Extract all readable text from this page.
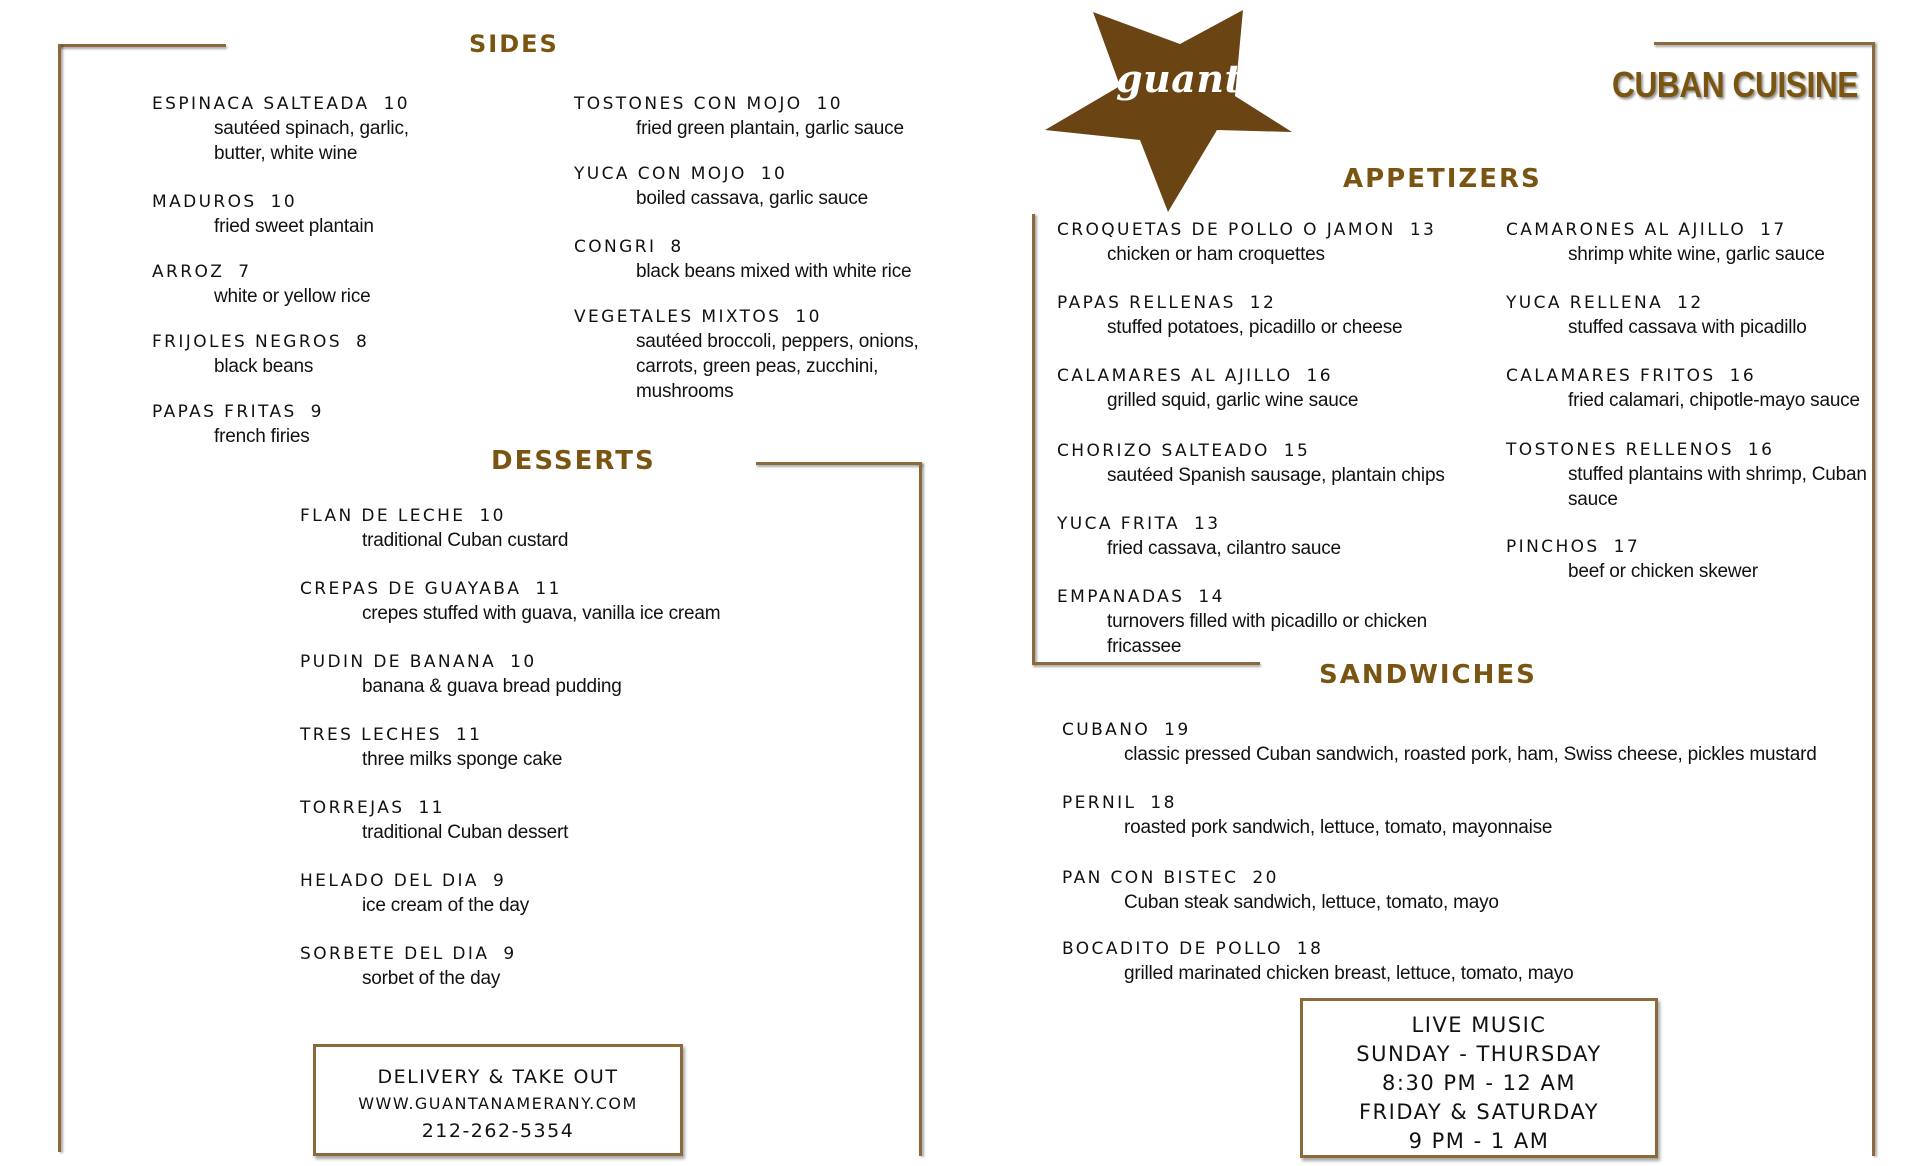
guantanamera	CUBAN CUISINE
SIDES
ESPINACA SALTEADA 10
sautéed spinach, garlic,
butter, white wine
MADUROS 10
fried sweet plantain
ARROZ 7
white or yellow rice
FRIJOLES NEGROS 8
black beans
PAPAS FRITAS 9
french firies
TOSTONES CON MOJO 10
fried green plantain, garlic sauce
YUCA CON MOJO 10
boiled cassava, garlic sauce
CONGRI 8
black beans mixed with white rice
VEGETALES MIXTOS 10
sautéed broccoli, peppers, onions,
carrots, green peas, zucchini,
mushrooms
DESSERTS
FLAN DE LECHE 10
traditional Cuban custard
CREPAS DE GUAYABA 11
crepes stuffed with guava, vanilla ice cream
PUDIN DE BANANA 10
banana & guava bread pudding
TRES LECHES 11
three milks sponge cake
TORREJAS 11
traditional Cuban dessert
HELADO DEL DIA 9
ice cream of the day
SORBETE DEL DIA 9
sorbet of the day
DELIVERY & TAKE OUT
WWW.GUANTANAMERANY.COM
212-262-5354
APPETIZERS
CROQUETAS DE POLLO O JAMON 13
chicken or ham croquettes
PAPAS RELLENAS 12
stuffed potatoes, picadillo or cheese
CALAMARES AL AJILLO 16
grilled squid, garlic wine sauce
CHORIZO SALTEADO 15
sautéed Spanish sausage, plantain chips
YUCA FRITA 13
fried cassava, cilantro sauce
EMPANADAS 14
turnovers filled with picadillo or chicken
fricassee
CAMARONES AL AJILLO 17
shrimp white wine, garlic sauce
YUCA RELLENA 12
stuffed cassava with picadillo
CALAMARES FRITOS 16
fried calamari, chipotle-mayo sauce
TOSTONES RELLENOS 16
stuffed plantains with shrimp, Cuban
sauce
PINCHOS 17
beef or chicken skewer
SANDWICHES
CUBANO 19
classic pressed Cuban sandwich, roasted pork, ham, Swiss cheese, pickles mustard
PERNIL 18
roasted pork sandwich, lettuce, tomato, mayonnaise
PAN CON BISTEC 20
Cuban steak sandwich, lettuce, tomato, mayo
BOCADITO DE POLLO 18
grilled marinated chicken breast, lettuce, tomato, mayo
LIVE MUSIC
SUNDAY - THURSDAY
8:30 PM - 12 AM
FRIDAY & SATURDAY
9 PM - 1 AM
